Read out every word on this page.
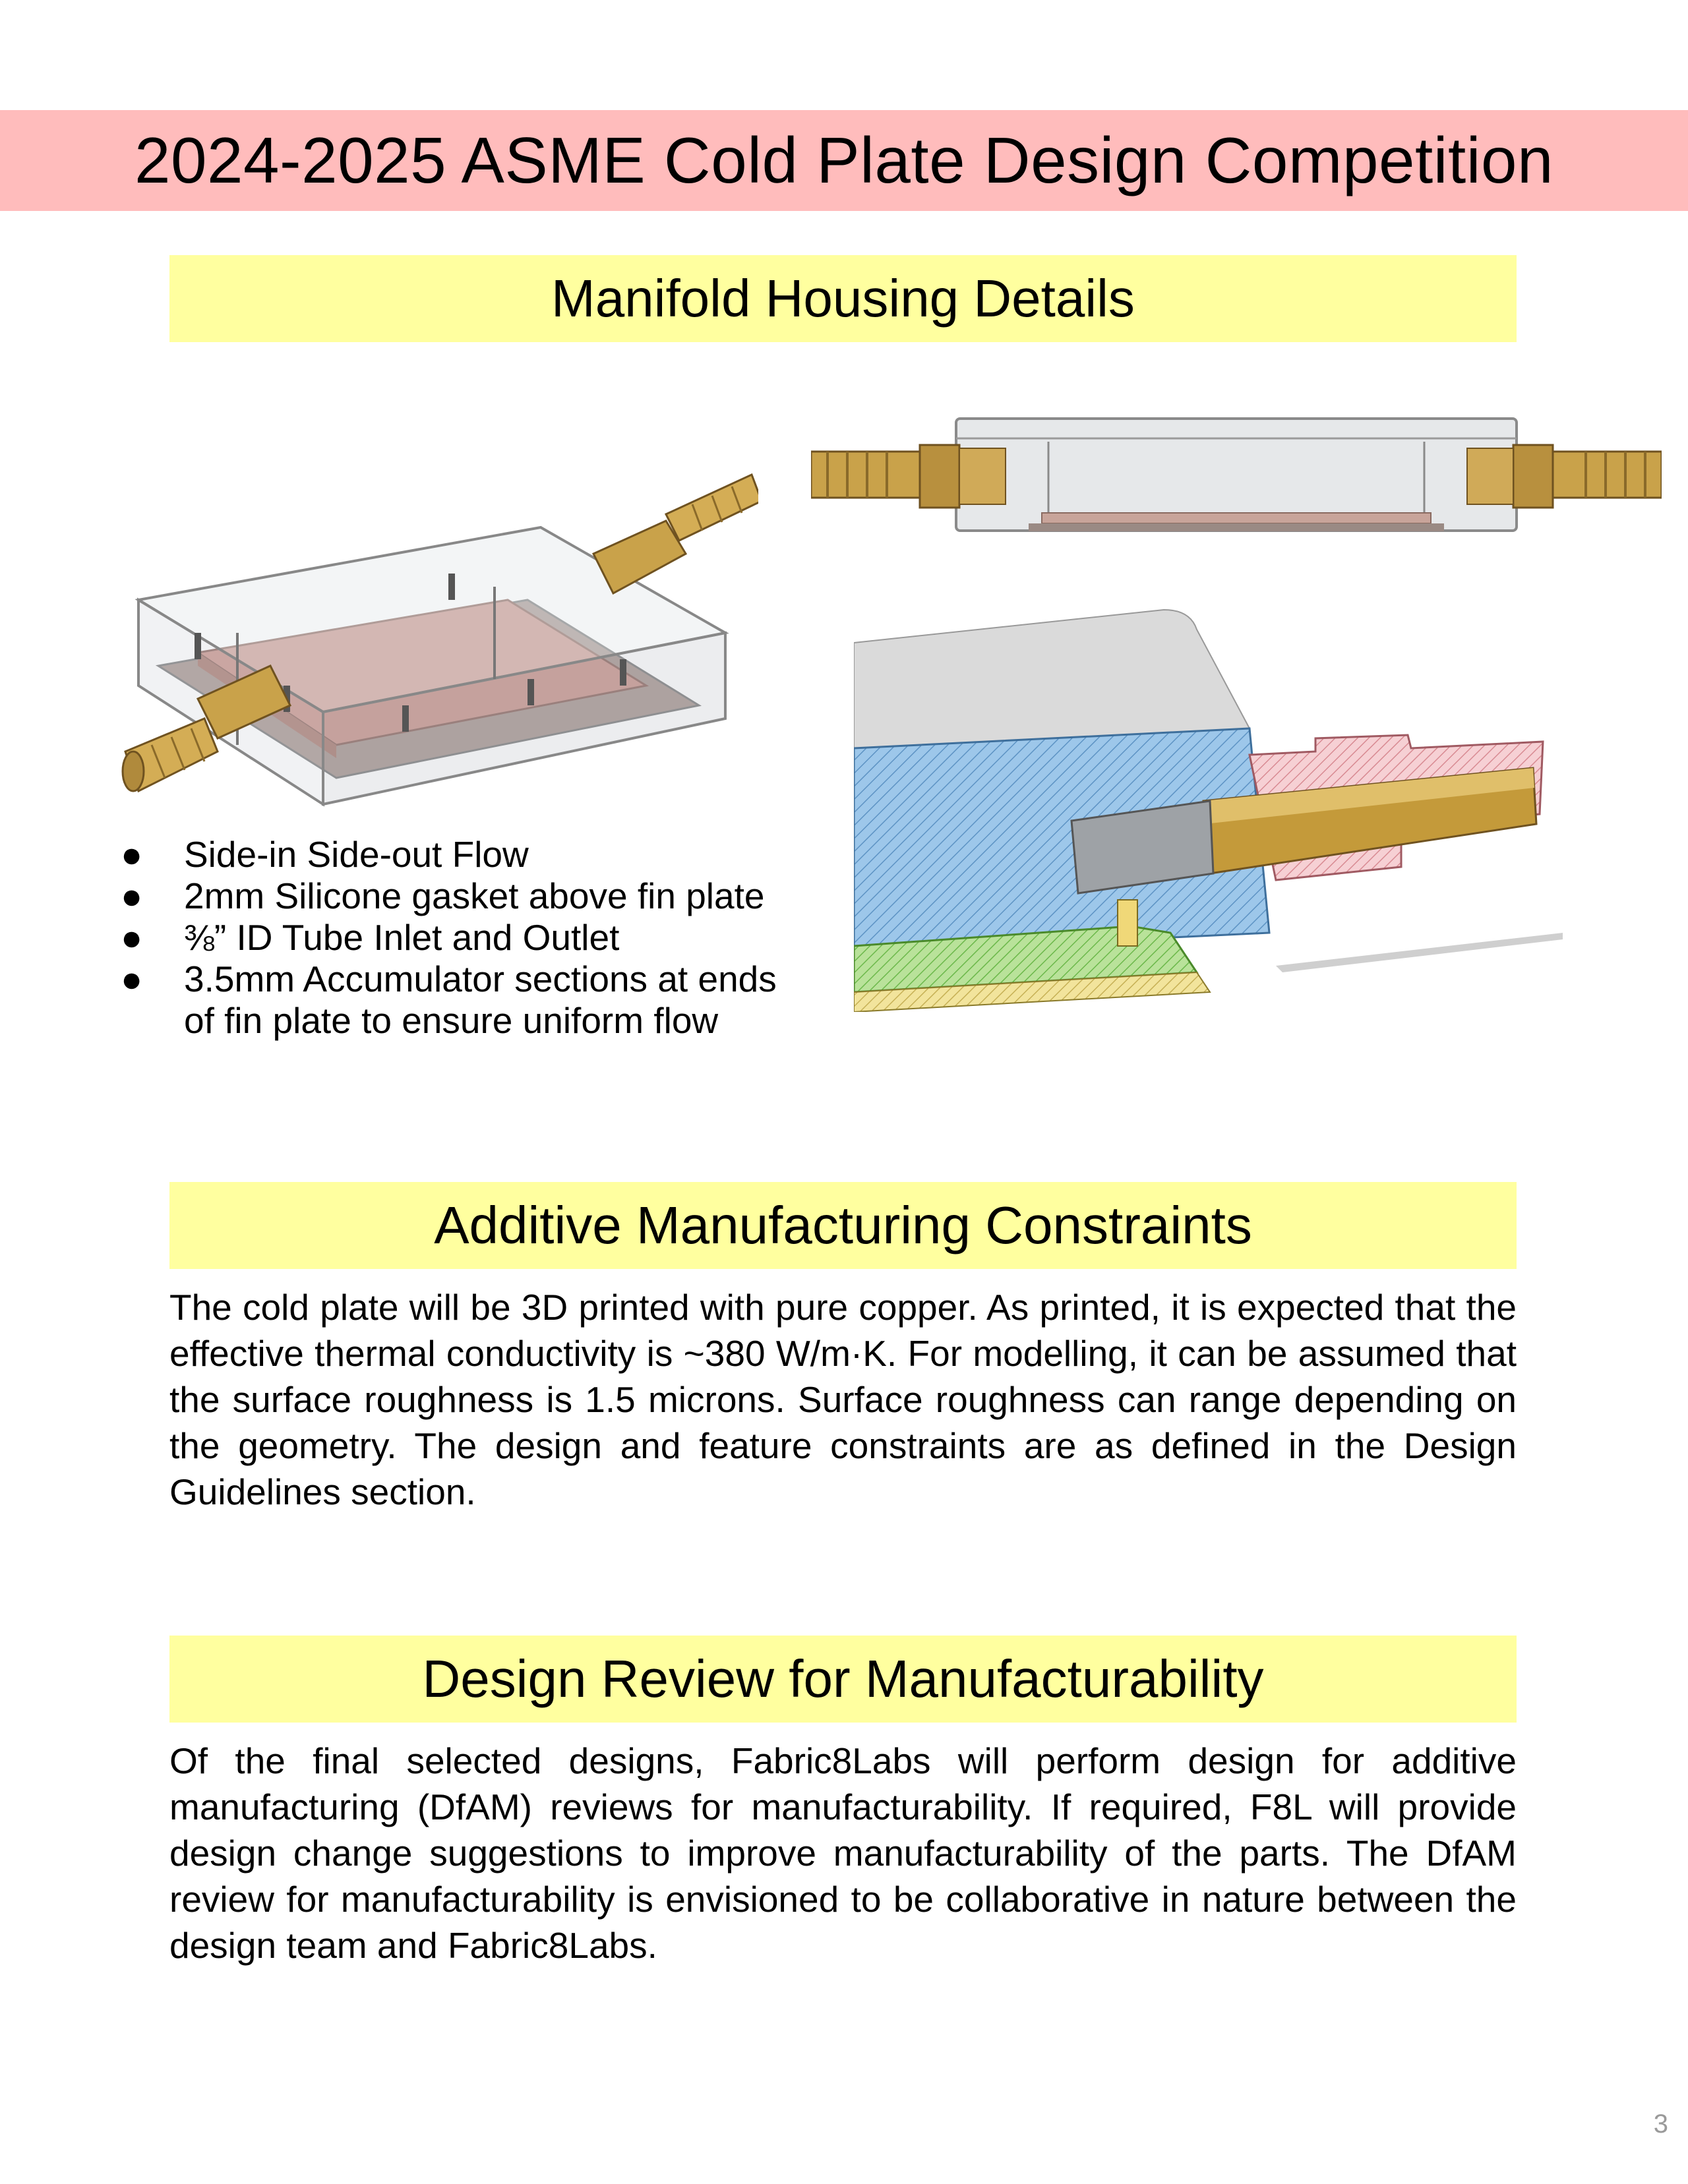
2024-2025 ASME Cold Plate Design Competition
Manifold Housing Details
● Side-in Side-out Flow
● 2mm Silicone gasket above fin plate
● ⅜” ID Tube Inlet and Outlet
● 3.5mm Accumulator sections at ends of fin plate to ensure uniform flow
Additive Manufacturing Constraints

The cold plate will be 3D printed with pure copper. As printed, it is expected that the effective thermal conductivity is ~380 W/m·K. For modelling, it can be assumed that the surface roughness is 1.5 microns. Surface roughness can range depending on the geometry. The design and feature constraints are as defined in the Design Guidelines section.

Design Review for Manufacturability

Of the final selected designs, Fabric8Labs will perform design for additive manufacturing (DfAM) reviews for manufacturability. If required, F8L will provide design change suggestions to improve manufacturability of the parts. The DfAM review for manufacturability is envisioned to be collaborative in nature between the design team and Fabric8Labs.

3
